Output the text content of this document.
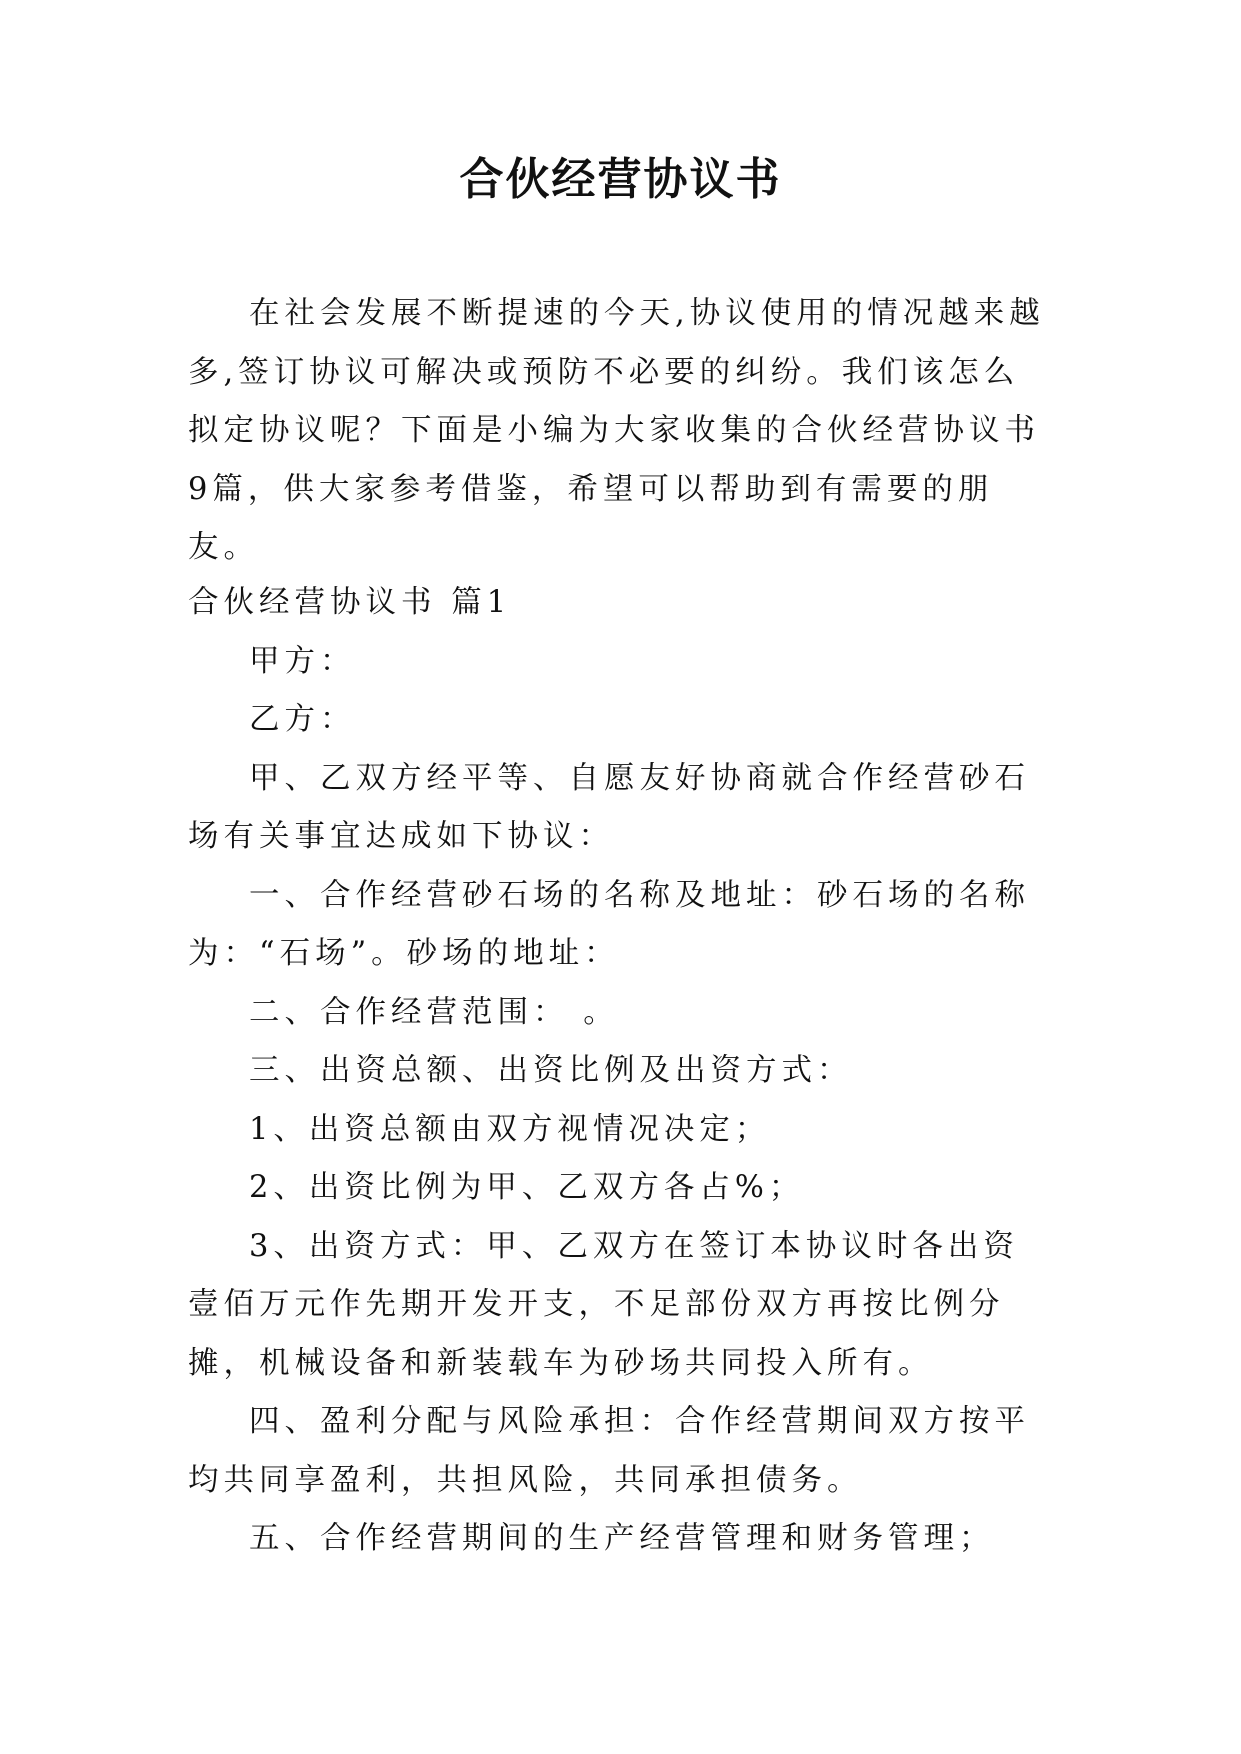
合伙经营协议书

在社会发展不断提速的今天,协议使用的情况越来越多,签订协议可解决或预防不必要的纠纷。我们该怎么拟定协议呢？下面是小编为大家收集的合伙经营协议书9篇，供大家参考借鉴，希望可以帮助到有需要的朋友。

合伙经营协议书 篇1

甲方：

乙方：

甲、乙双方经平等、自愿友好协商就合作经营砂石场有关事宜达成如下协议：

一、合作经营砂石场的名称及地址：砂石场的名称为：“石场”。砂场的地址：

二、合作经营范围： 。

三、出资总额、出资比例及出资方式：

1、出资总额由双方视情况决定；

2、出资比例为甲、乙双方各占%；

3、出资方式：甲、乙双方在签订本协议时各出资壹佰万元作先期开发开支，不足部份双方再按比例分摊，机械设备和新装载车为砂场共同投入所有。

四、盈利分配与风险承担：合作经营期间双方按平均共同享盈利，共担风险，共同承担债务。

五、合作经营期间的生产经营管理和财务管理；
